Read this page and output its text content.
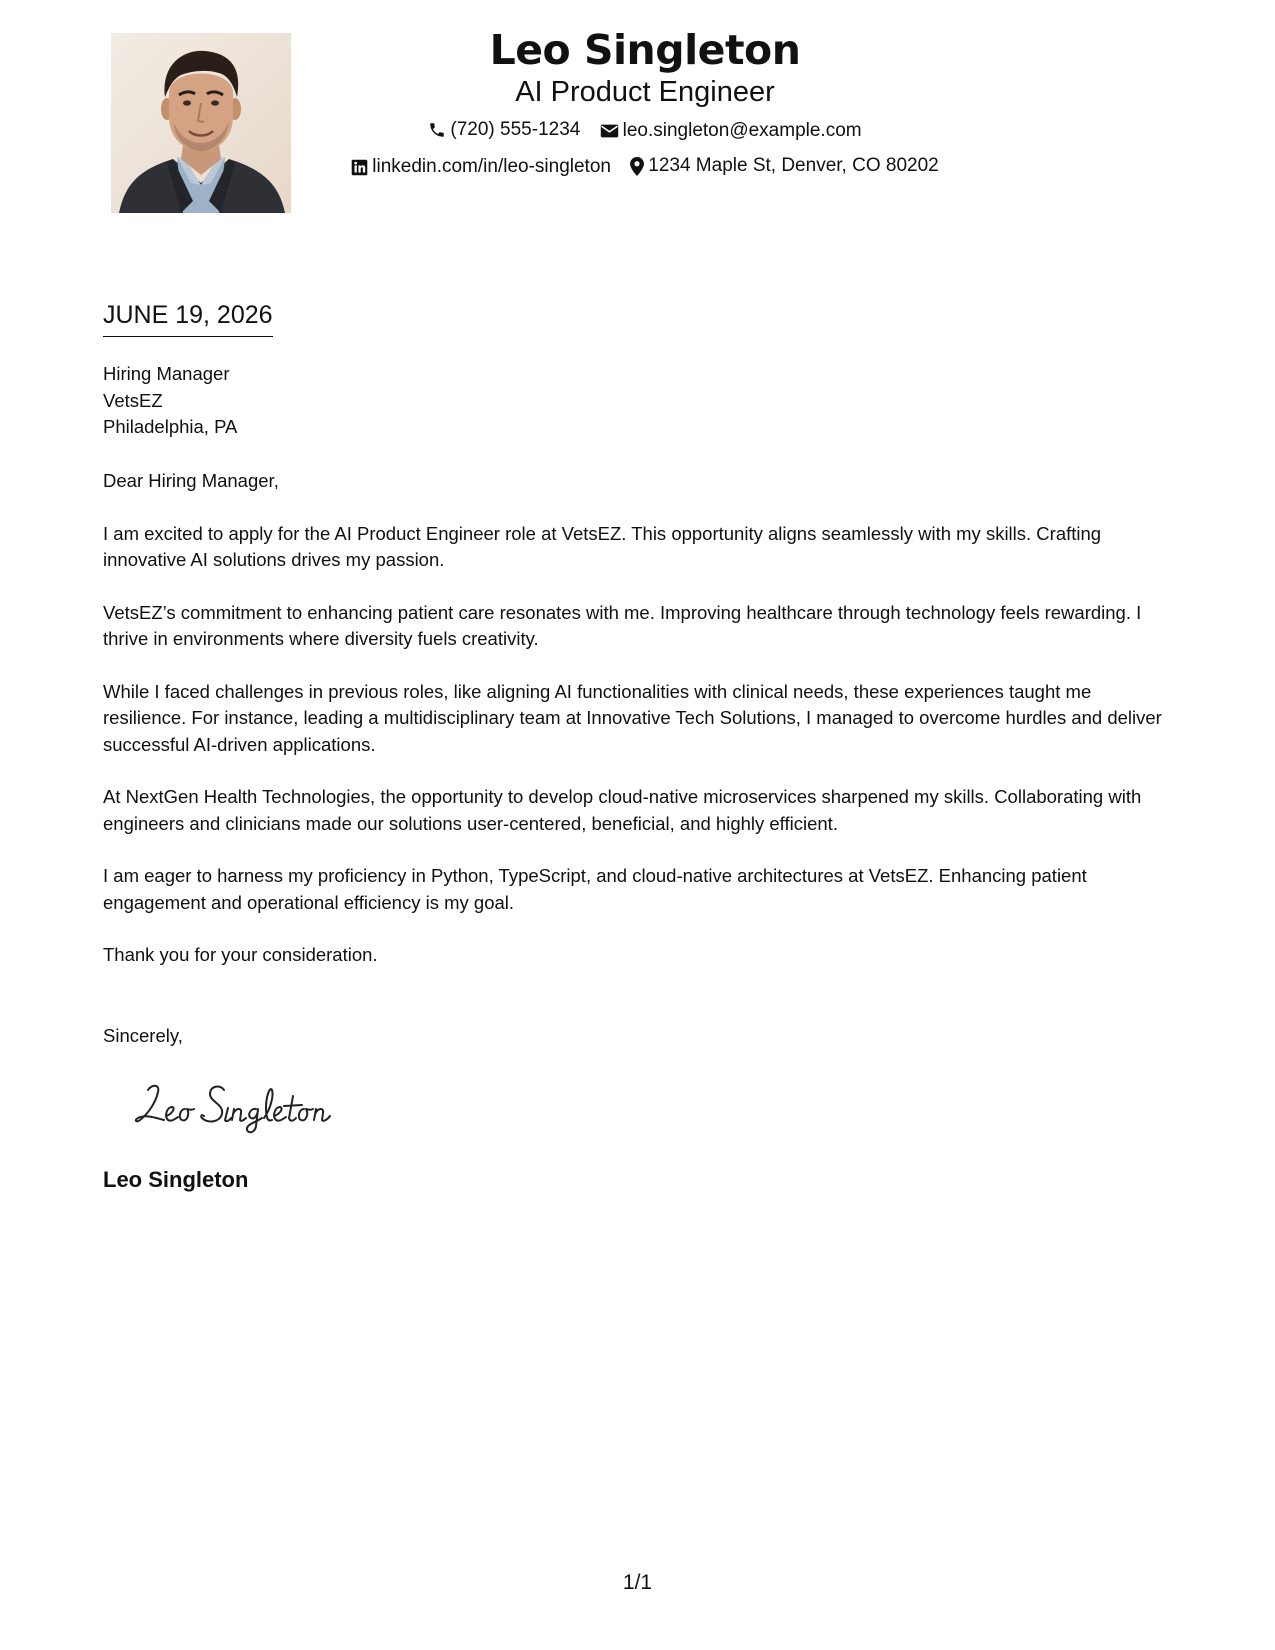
Leo Singleton
AI Product Engineer
(720) 555-1234
leo.singleton@example.com
linkedin.com/in/leo-singleton
1234 Maple St, Denver, CO 80202
JUNE 19, 2026
Hiring Manager
VetsEZ
Philadelphia, PA

Dear Hiring Manager,

I am excited to apply for the AI Product Engineer role at VetsEZ. This opportunity aligns seamlessly with my skills. Crafting innovative AI solutions drives my passion.

VetsEZ’s commitment to enhancing patient care resonates with me. Improving healthcare through technology feels rewarding. I thrive in environments where diversity fuels creativity.

While I faced challenges in previous roles, like aligning AI functionalities with clinical needs, these experiences taught me resilience. For instance, leading a multidisciplinary team at Innovative Tech Solutions, I managed to overcome hurdles and deliver successful AI-driven applications.

At NextGen Health Technologies, the opportunity to develop cloud-native microservices sharpened my skills. Collaborating with engineers and clinicians made our solutions user-centered, beneficial, and highly efficient.

I am eager to harness my proficiency in Python, TypeScript, and cloud-native architectures at VetsEZ. Enhancing patient engagement and operational efficiency is my goal.

Thank you for your consideration.

Sincerely,
Leo Singleton
1/1
